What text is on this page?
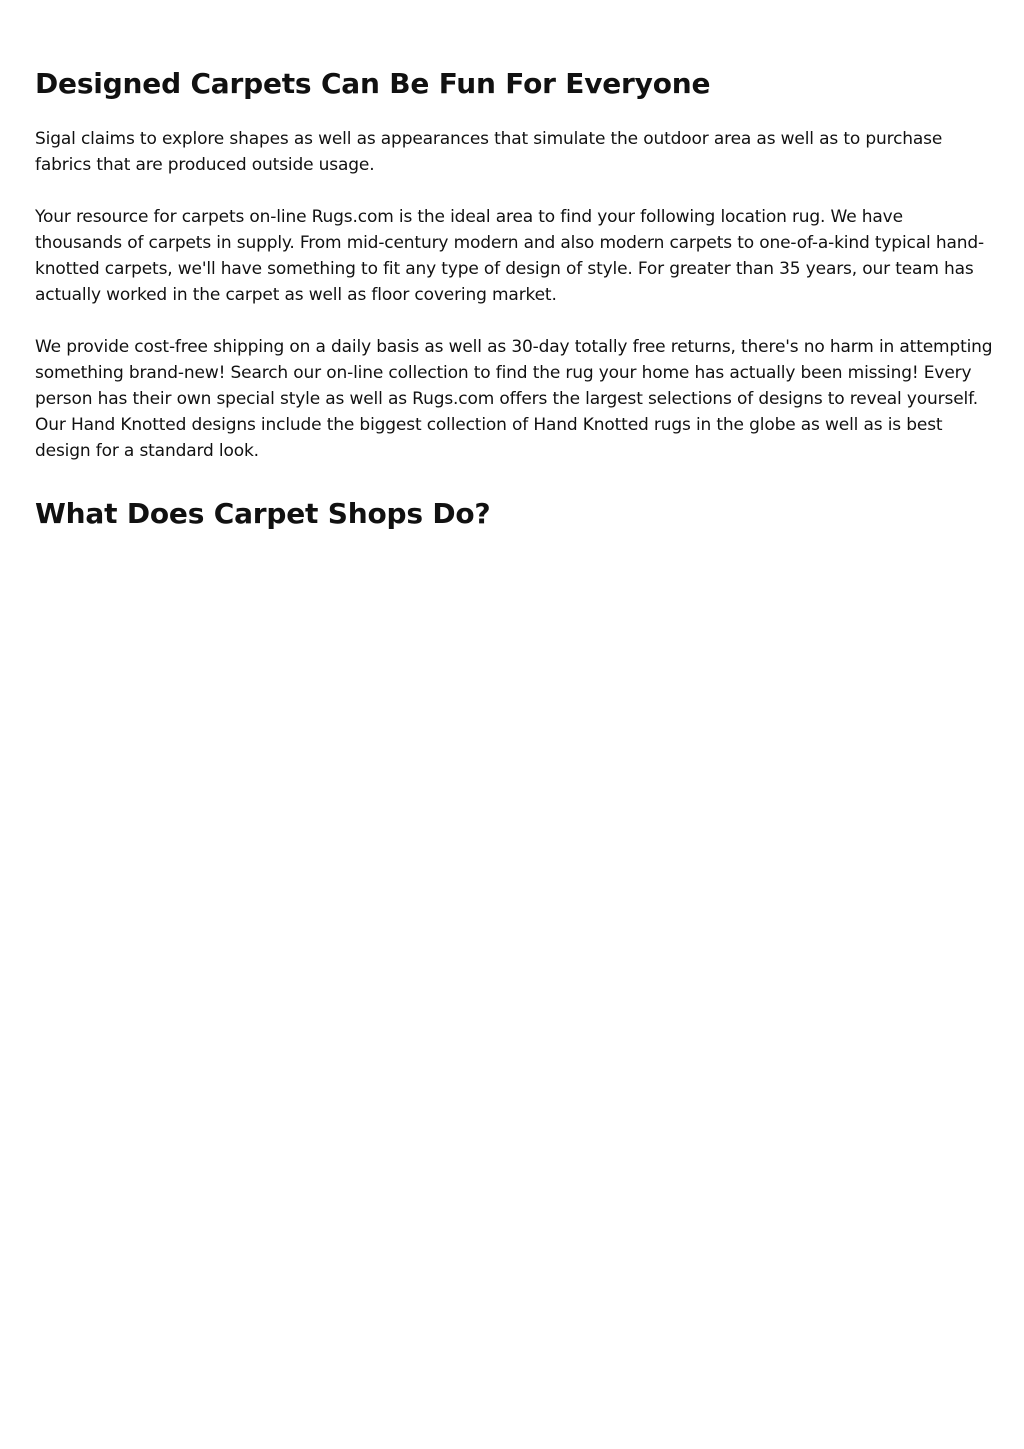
Designed Carpets Can Be Fun For Everyone

Sigal claims to explore shapes as well as appearances that simulate the outdoor area as well as to purchase fabrics that are produced outside usage.

Your resource for carpets on-line Rugs.com is the ideal area to find your following location rug. We have thousands of carpets in supply. From mid-century modern and also modern carpets to one-of-a-kind typical hand-knotted carpets, we'll have something to fit any type of design of style. For greater than 35 years, our team has actually worked in the carpet as well as floor covering market.

We provide cost-free shipping on a daily basis as well as 30-day totally free returns, there's no harm in attempting something brand-new! Search our on-line collection to find the rug your home has actually been missing! Every person has their own special style as well as Rugs.com offers the largest selections of designs to reveal yourself. Our Hand Knotted designs include the biggest collection of Hand Knotted rugs in the globe as well as is best design for a standard look.

What Does Carpet Shops Do?
